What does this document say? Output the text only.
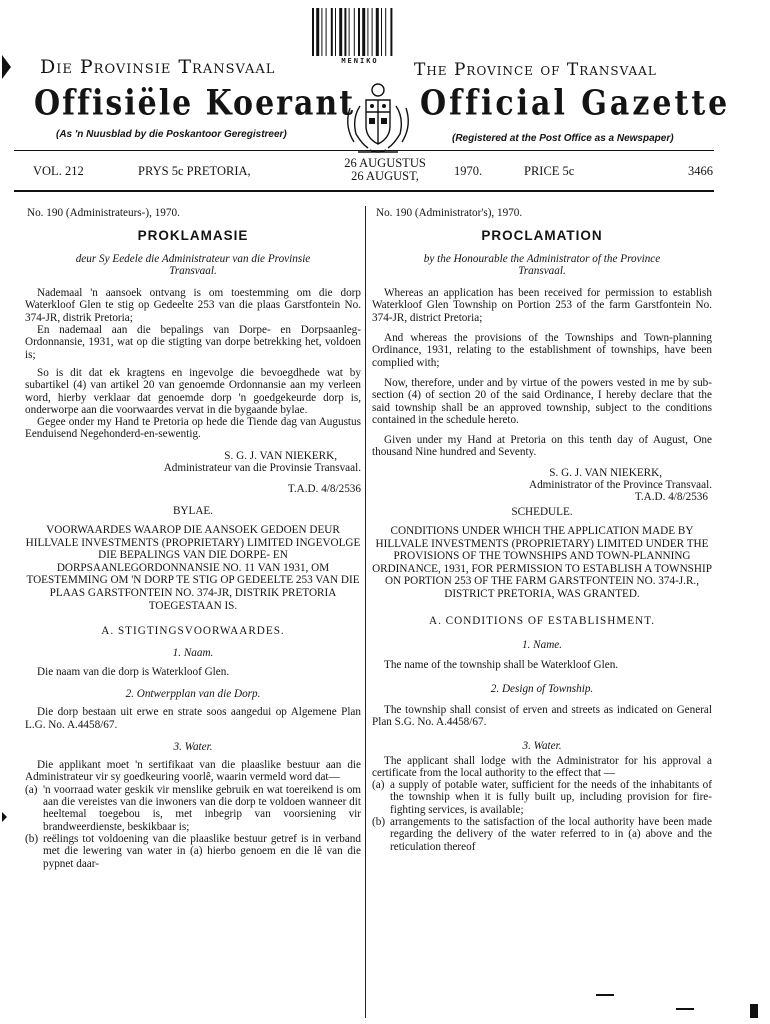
MENIKO
Die Provinsie Transvaal	The Province of Transvaal
Offisiële Koerant Official Gazette
(As 'n Nuusblad by die Poskantoor Geregistreer)	(Registered at the Post Office as a Newspaper)
VOL. 212	PRYS 5c PRETORIA,
26 AUGUSTUS
26 AUGUST,	1970.	PRICE 5c	3466

No. 190 (Administrateurs-), 1970.

PROKLAMASIE

deur Sy Eedele die Administrateur van die Provinsie Transvaal.

Nademaal 'n aansoek ontvang is om toestemming om die dorp Waterkloof Glen te stig op Gedeelte 253 van die plaas Garstfontein No. 374-JR, distrik Pretoria;

En nademaal aan die bepalings van Dorpe- en Dorpsaanleg-Ordonnansie, 1931, wat op die stigting van dorpe betrekking het, voldoen is;

So is dit dat ek kragtens en ingevolge die bevoegdhede wat by subartikel (4) van artikel 20 van genoemde Ordonnansie aan my verleen word, hierby verklaar dat genoemde dorp 'n goedgekeurde dorp is, onderworpe aan die voorwaardes vervat in die bygaande bylae.

Gegee onder my Hand te Pretoria op hede die Tiende dag van Augustus Eenduisend Negehonderd-en-sewentig.

S. G. J. VAN NIEKERK,

Administrateur van die Provinsie Transvaal.

T.A.D. 4/8/2536

BYLAE.

VOORWAARDES WAAROP DIE AANSOEK GEDOEN DEUR HILLVALE INVESTMENTS (PROPRIETARY) LIMITED INGEVOLGE DIE BEPALINGS VAN DIE DORPE- EN DORPSAANLEGORDONNANSIE NO. 11 VAN 1931, OM TOESTEMMING OM 'N DORP TE STIG OP GEDEELTE 253 VAN DIE PLAAS GARSTFONTEIN NO. 374-JR, DISTRIK PRETORIA TOEGESTAAN IS.

A. STIGTINGSVOORWAARDES.

1. Naam.

Die naam van die dorp is Waterkloof Glen.

2. Ontwerpplan van die Dorp.

Die dorp bestaan uit erwe en strate soos aangedui op Algemene Plan L.G. No. A.4458/67.

3. Water.

Die applikant moet 'n sertifikaat van die plaaslike bestuur aan die Administrateur vir sy goedkeuring voorlê, waarin vermeld word dat—

(a) 'n voorraad water geskik vir menslike gebruik en wat toereikend is om aan die vereistes van die inwoners van die dorp te voldoen wanneer dit heeltemal toegebou is, met inbegrip van voorsiening vir brandweerdienste, beskikbaar is;
(b) reëlings tot voldoening van die plaaslike bestuur getref is in verband met die lewering van water in (a) hierbo genoem en die lê van die pypnet daar-

No. 190 (Administrator's), 1970.

PROCLAMATION

by the Honourable the Administrator of the Province Transvaal.

Whereas an application has been received for permission to establish Waterkloof Glen Township on Portion 253 of the farm Garstfontein No. 374-JR, district Pretoria;

And whereas the provisions of the Townships and Town-planning Ordinance, 1931, relating to the establishment of townships, have been complied with;

Now, therefore, under and by virtue of the powers vested in me by sub-section (4) of section 20 of the said Ordinance, I hereby declare that the said township shall be an approved township, subject to the conditions contained in the schedule hereto.

Given under my Hand at Pretoria on this tenth day of August, One thousand Nine hundred and Seventy.

S. G. J. VAN NIEKERK,

Administrator of the Province Transvaal.

T.A.D. 4/8/2536

SCHEDULE.

CONDITIONS UNDER WHICH THE APPLICATION MADE BY HILLVALE INVESTMENTS (PROPRIETARY) LIMITED UNDER THE PROVISIONS OF THE TOWNSHIPS AND TOWN-PLANNING ORDINANCE, 1931, FOR PERMISSION TO ESTABLISH A TOWNSHIP ON PORTION 253 OF THE FARM GARSTFONTEIN NO. 374-J.R., DISTRICT PRETORIA, WAS GRANTED.

A. CONDITIONS OF ESTABLISHMENT.

1. Name.

The name of the township shall be Waterkloof Glen.

2. Design of Township.

The township shall consist of erven and streets as indicated on General Plan S.G. No. A.4458/67.

3. Water.

The applicant shall lodge with the Administrator for his approval a certificate from the local authority to the effect that —

(a) a supply of potable water, sufficient for the needs of the inhabitants of the township when it is fully built up, including provision for fire-fighting services, is available;
(b) arrangements to the satisfaction of the local authority have been made regarding the delivery of the water referred to in (a) above and the reticulation thereof
